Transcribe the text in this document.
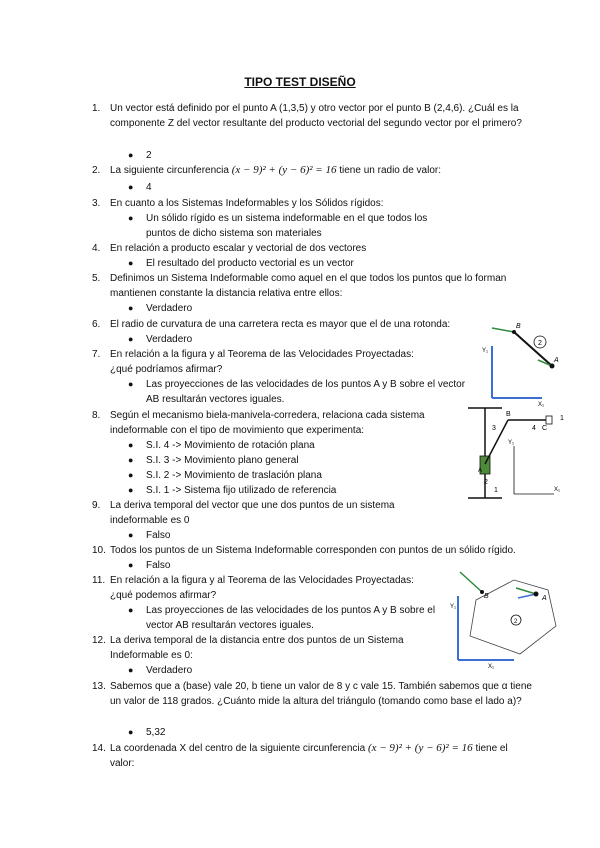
TIPO TEST DISEÑO
1. Un vector está definido por el punto A (1,3,5) y otro vector por el punto B (2,4,6). ¿Cuál es la componente Z del vector resultante del producto vectorial del segundo vector por el primero?
● 2
2. La siguiente circunferencia (x − 9)² + (y − 6)² = 16 tiene un radio de valor:
● 4
3. En cuanto a los Sistemas Indeformables y los Sólidos rígidos:
● Un sólido rígido es un sistema indeformable en el que todos los puntos de dicho sistema son materiales
4. En relación a producto escalar y vectorial de dos vectores
● El resultado del producto vectorial es un vector
5. Definimos un Sistema Indeformable como aquel en el que todos los puntos que lo forman mantienen constante la distancia relativa entre ellos:
● Verdadero
6. El radio de curvatura de una carretera recta es mayor que el de una rotonda:
● Verdadero
7. En relación a la figura y al Teorema de las Velocidades Proyectadas: ¿qué podríamos afirmar?
● Las proyecciones de las velocidades de los puntos A y B sobre el vector AB resultarán vectores iguales.
8. Según el mecanismo biela-manivela-corredera, relaciona cada sistema indeformable con el tipo de movimiento que experimenta:
● S.I. 4 -> Movimiento de rotación plana
● S.I. 3 -> Movimiento plano general
● S.I. 2 -> Movimiento de traslación plana
● S.I. 1 -> Sistema fijo utilizado de referencia
9. La deriva temporal del vector que une dos puntos de un sistema indeformable es 0
● Falso
10. Todos los puntos de un Sistema Indeformable corresponden con puntos de un sólido rígido.
● Falso
11. En relación a la figura y al Teorema de las Velocidades Proyectadas: ¿qué podemos afirmar?
● Las proyecciones de las velocidades de los puntos A y B sobre el vector AB resultarán vectores iguales.
12. La deriva temporal de la distancia entre dos puntos de un Sistema Indeformable es 0:
● Verdadero
13. Sabemos que a (base) vale 20, b tiene un valor de 8 y c vale 15. También sabemos que α tiene un valor de 118 grados. ¿Cuánto mide la altura del triángulo (tomando como base el lado a)?
● 5,32
14. La coordenada X del centro de la siguiente circunferencia (x − 9)² + (y − 6)² = 16 tiene el valor:
B
2
A
Y₁
X₁
B
3	4 C
1
Y₁
X₁
2
1
A
B	A
Y₁
X₁
2
